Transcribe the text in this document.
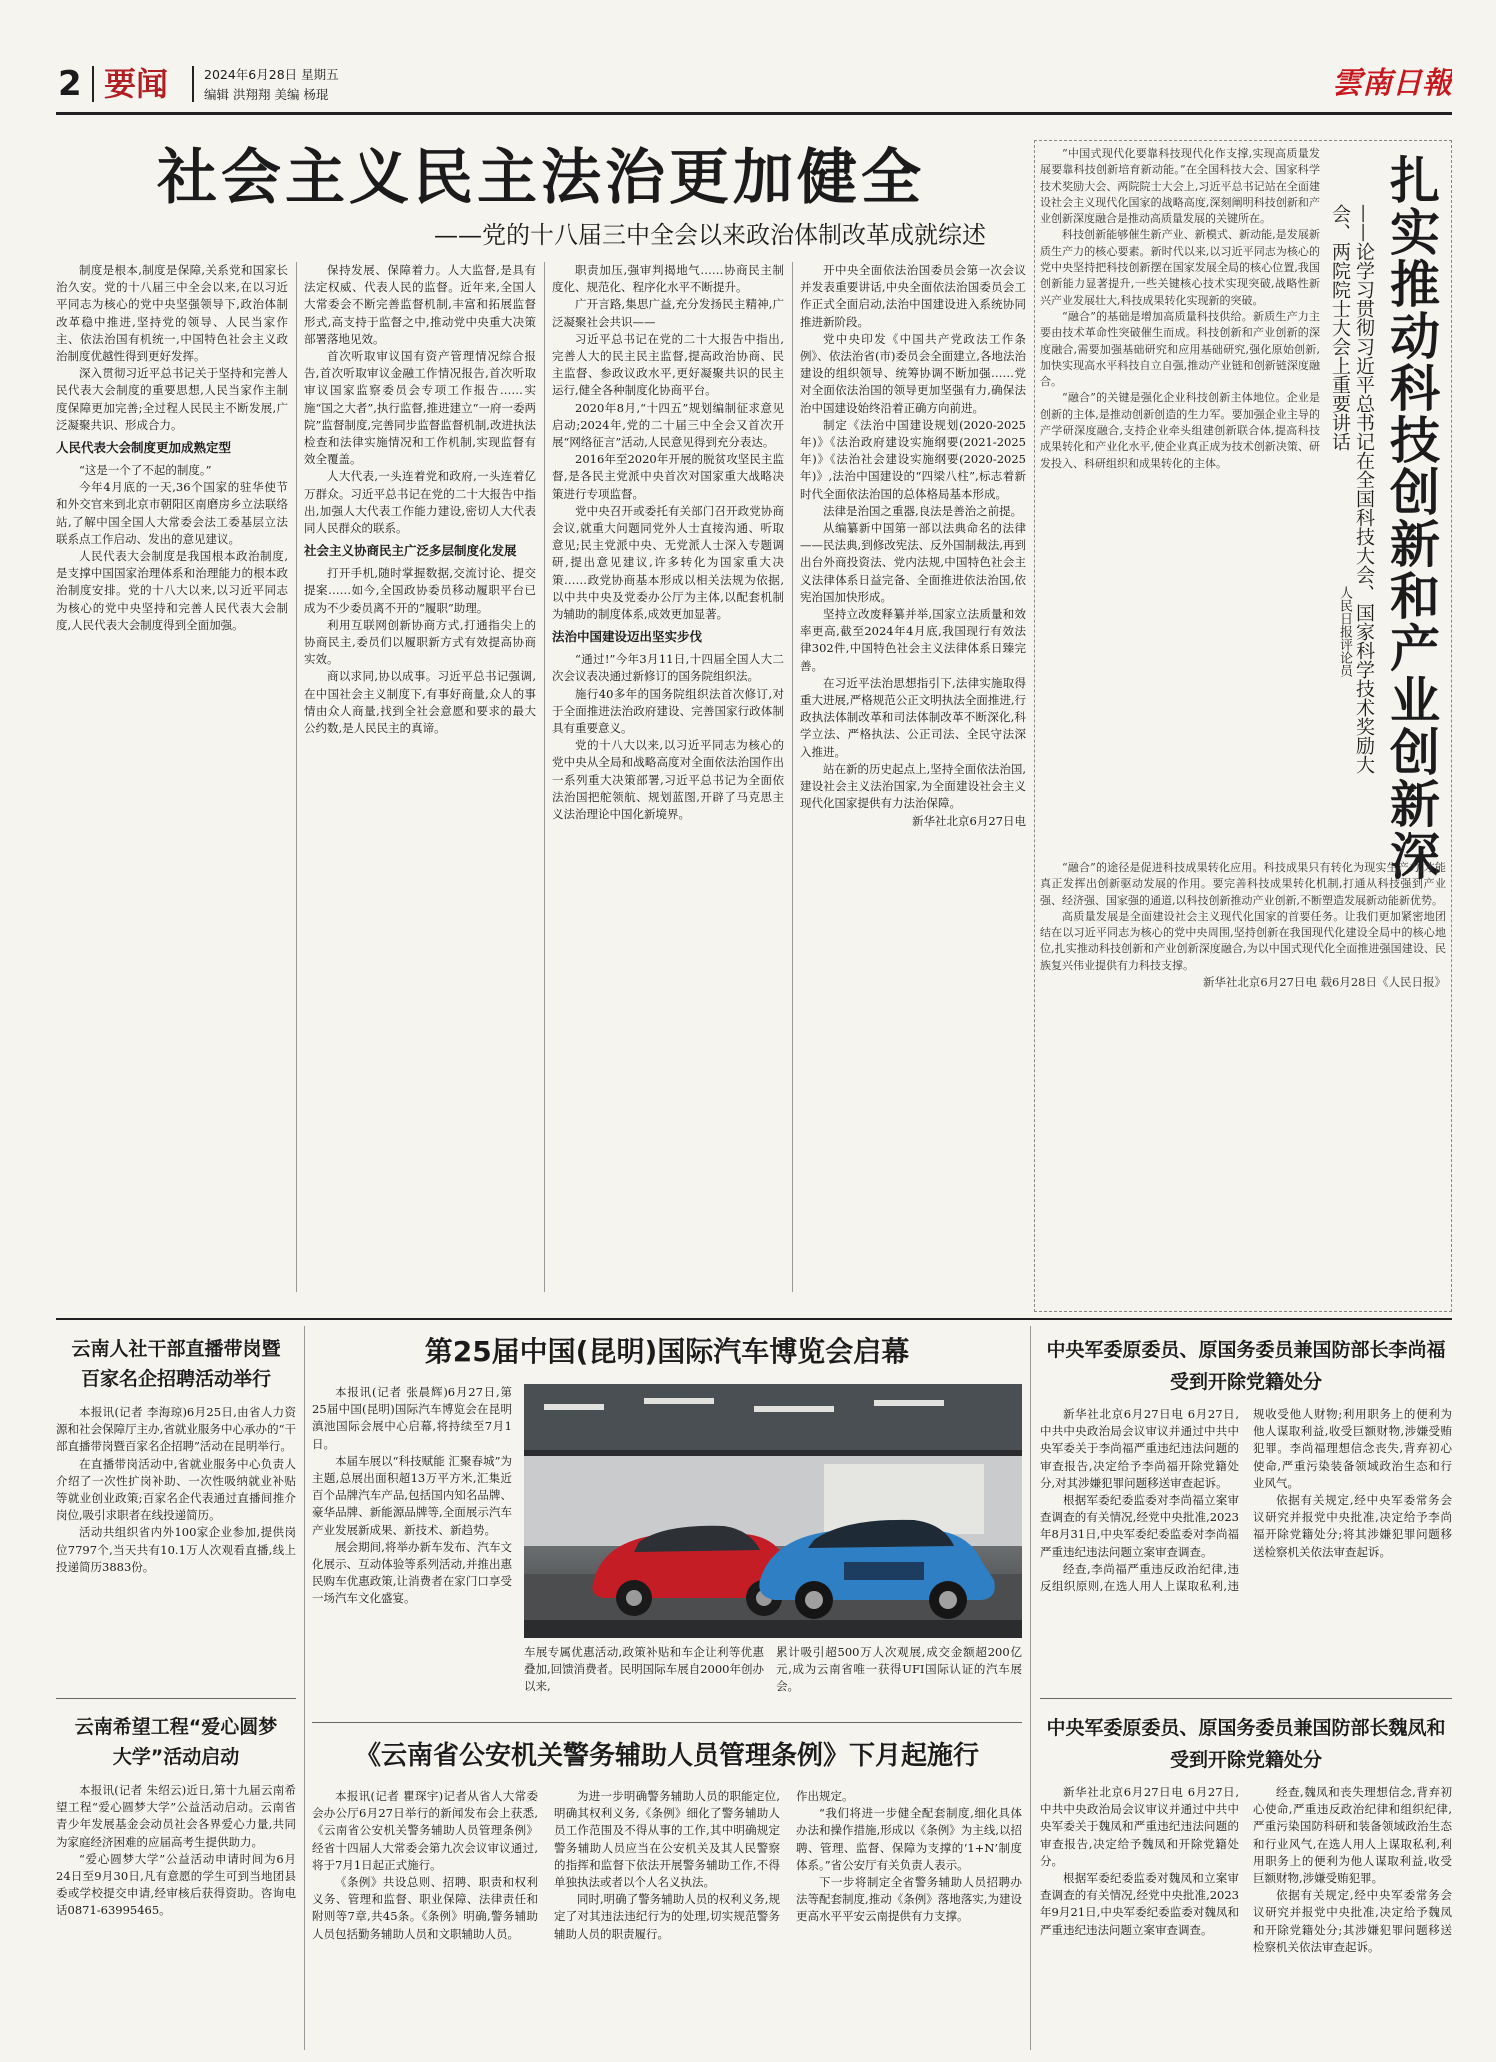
2 要闻	2024年6月28日 星期五
编辑 洪翔翔 美编 杨琨	雲南日報
社会主义民主法治更加健全
——党的十八届三中全会以来政治体制改革成就综述

制度是根本,制度是保障,关系党和国家长治久安。党的十八届三中全会以来,在以习近平同志为核心的党中央坚强领导下,政治体制改革稳中推进,坚持党的领导、人民当家作主、依法治国有机统一,中国特色社会主义政治制度优越性得到更好发挥。

深入贯彻习近平总书记关于坚持和完善人民代表大会制度的重要思想,人民当家作主制度保障更加完善;全过程人民民主不断发展,广泛凝聚共识、形成合力。

人民代表大会制度更加成熟定型

“这是一个了不起的制度。”

今年4月底的一天,36个国家的驻华使节和外交官来到北京市朝阳区南磨房乡立法联络站,了解中国全国人大常委会法工委基层立法联系点工作启动、发出的意见建议。

人民代表大会制度是我国根本政治制度,是支撑中国国家治理体系和治理能力的根本政治制度安排。党的十八大以来,以习近平同志为核心的党中央坚持和完善人民代表大会制度,人民代表大会制度得到全面加强。

保持发展、保障着力。人大监督,是具有法定权威、代表人民的监督。近年来,全国人大常委会不断完善监督机制,丰富和拓展监督形式,高支持于监督之中,推动党中央重大决策部署落地见效。

首次听取审议国有资产管理情况综合报告,首次听取审议金融工作情况报告,首次听取审议国家监察委员会专项工作报告……实施“国之大者”,执行监督,推进建立“一府一委两院”监督制度,完善同步监督监督机制,改进执法检查和法律实施情况和工作机制,实现监督有效全覆盖。

人大代表,一头连着党和政府,一头连着亿万群众。习近平总书记在党的二十大报告中指出,加强人大代表工作能力建设,密切人大代表同人民群众的联系。

社会主义协商民主广泛多层制度化发展

打开手机,随时掌握数据,交流讨论、提交提案……如今,全国政协委员移动履职平台已成为不少委员离不开的“履职”助理。

利用互联网创新协商方式,打通指尖上的协商民主,委员们以履职新方式有效提高协商实效。

商以求同,协以成事。习近平总书记强调,在中国社会主义制度下,有事好商量,众人的事情由众人商量,找到全社会意愿和要求的最大公约数,是人民民主的真谛。

职责加压,强审判揭地气……协商民主制度化、规范化、程序化水平不断提升。

广开言路,集思广益,充分发扬民主精神,广泛凝聚社会共识——

习近平总书记在党的二十大报告中指出,完善人大的民主民主监督,提高政治协商、民主监督、参政议政水平,更好凝聚共识的民主运行,健全各种制度化协商平台。

2020年8月,“十四五”规划编制征求意见启动;2024年,党的二十届三中全会又首次开展“网络征言”活动,人民意见得到充分表达。

2016年至2020年开展的脱贫攻坚民主监督,是各民主党派中央首次对国家重大战略决策进行专项监督。

党中央召开或委托有关部门召开政党协商会议,就重大问题同党外人士直接沟通、听取意见;民主党派中央、无党派人士深入专题调研,提出意见建议,许多转化为国家重大决策……政党协商基本形成以相关法规为依据,以中共中央及党委办公厅为主体,以配套机制为辅助的制度体系,成效更加显著。

法治中国建设迈出坚实步伐

“通过!”今年3月11日,十四届全国人大二次会议表决通过新修订的国务院组织法。

施行40多年的国务院组织法首次修订,对于全面推进法治政府建设、完善国家行政体制具有重要意义。

党的十八大以来,以习近平同志为核心的党中央从全局和战略高度对全面依法治国作出一系列重大决策部署,习近平总书记为全面依法治国把舵领航、规划蓝图,开辟了马克思主义法治理论中国化新境界。

开中央全面依法治国委员会第一次会议并发表重要讲话,中央全面依法治国委员会工作正式全面启动,法治中国建设进入系统协同推进新阶段。

党中央印发《中国共产党政法工作条例》、依法治省(市)委员会全面建立,各地法治建设的组织领导、统筹协调不断加强……党对全面依法治国的领导更加坚强有力,确保法治中国建设始终沿着正确方向前进。

制定《法治中国建设规划(2020-2025年)》《法治政府建设实施纲要(2021-2025年)》《法治社会建设实施纲要(2020-2025年)》,法治中国建设的“四梁八柱”,标志着新时代全面依法治国的总体格局基本形成。

法律是治国之重器,良法是善治之前提。

从编纂新中国第一部以法典命名的法律——民法典,到修改宪法、反外国制裁法,再到出台外商投资法、党内法规,中国特色社会主义法律体系日益完备、全面推进依法治国,依宪治国加快形成。

坚持立改废释纂并举,国家立法质量和效率更高,截至2024年4月底,我国现行有效法律302件,中国特色社会主义法律体系日臻完善。

在习近平法治思想指引下,法律实施取得重大进展,严格规范公正文明执法全面推进,行政执法体制改革和司法体制改革不断深化,科学立法、严格执法、公正司法、全民守法深入推进。

站在新的历史起点上,坚持全面依法治国,建设社会主义法治国家,为全面建设社会主义现代化国家提供有力法治保障。

新华社北京6月27日电
扎实推动科技创新和产业创新深
——论学习贯彻习近平总书记在全国科技大会、国家科学技术奖励大会、两院院士大会上重要讲话
人民日报评论员

“中国式现代化要靠科技现代化作支撑,实现高质量发展要靠科技创新培育新动能。”在全国科技大会、国家科学技术奖励大会、两院院士大会上,习近平总书记站在全面建设社会主义现代化国家的战略高度,深刻阐明科技创新和产业创新深度融合是推动高质量发展的关键所在。

科技创新能够催生新产业、新模式、新动能,是发展新质生产力的核心要素。新时代以来,以习近平同志为核心的党中央坚持把科技创新摆在国家发展全局的核心位置,我国创新能力显著提升,一些关键核心技术实现突破,战略性新兴产业发展壮大,科技成果转化实现新的突破。

“融合”的基础是增加高质量科技供给。新质生产力主要由技术革命性突破催生而成。科技创新和产业创新的深度融合,需要加强基础研究和应用基础研究,强化原始创新,加快实现高水平科技自立自强,推动产业链和创新链深度融合。

“融合”的关键是强化企业科技创新主体地位。企业是创新的主体,是推动创新创造的生力军。要加强企业主导的产学研深度融合,支持企业牵头组建创新联合体,提高科技成果转化和产业化水平,使企业真正成为技术创新决策、研发投入、科研组织和成果转化的主体。

“融合”的途径是促进科技成果转化应用。科技成果只有转化为现实生产力,才能真正发挥出创新驱动发展的作用。要完善科技成果转化机制,打通从科技强到产业强、经济强、国家强的通道,以科技创新推动产业创新,不断塑造发展新动能新优势。

高质量发展是全面建设社会主义现代化国家的首要任务。让我们更加紧密地团结在以习近平同志为核心的党中央周围,坚持创新在我国现代化建设全局中的核心地位,扎实推动科技创新和产业创新深度融合,为以中国式现代化全面推进强国建设、民族复兴伟业提供有力科技支撑。

新华社北京6月27日电 载6月28日《人民日报》
云南人社干部直播带岗暨百家名企招聘活动举行

本报讯(记者 李海琼)6月25日,由省人力资源和社会保障厅主办,省就业服务中心承办的“干部直播带岗暨百家名企招聘”活动在昆明举行。

在直播带岗活动中,省就业服务中心负责人介绍了一次性扩岗补助、一次性吸纳就业补贴等就业创业政策;百家名企代表通过直播间推介岗位,吸引求职者在线投递简历。

活动共组织省内外100家企业参加,提供岗位7797个,当天共有10.1万人次观看直播,线上投递简历3883份。

云南希望工程“爱心圆梦大学”活动启动

本报讯(记者 朱绍云)近日,第十九届云南希望工程“爱心圆梦大学”公益活动启动。云南省青少年发展基金会动员社会各界爱心力量,共同为家庭经济困难的应届高考生提供助力。

“爱心圆梦大学”公益活动申请时间为6月24日至9月30日,凡有意愿的学生可到当地团县委或学校提交申请,经审核后获得资助。咨询电话0871-63995465。

第25届中国(昆明)国际汽车博览会启幕

本报讯(记者 张晨辉)6月27日,第25届中国(昆明)国际汽车博览会在昆明滇池国际会展中心启幕,将持续至7月1日。

本届车展以“科技赋能 汇聚春城”为主题,总展出面积超13万平方米,汇集近百个品牌汽车产品,包括国内知名品牌、豪华品牌、新能源品牌等,全面展示汽车产业发展新成果、新技术、新趋势。

展会期间,将举办新车发布、汽车文化展示、互动体验等系列活动,并推出惠民购车优惠政策,让消费者在家门口享受一场汽车文化盛宴。

车展专属优惠活动,政策补贴和车企让利等优惠叠加,回馈消费者。民明国际车展自2000年创办以来,
累计吸引超500万人次观展,成交金额超200亿元,成为云南省唯一获得UFI国际认证的汽车展会。
《云南省公安机关警务辅助人员管理条例》下月起施行

本报讯(记者 瞿琛宇)记者从省人大常委会办公厅6月27日举行的新闻发布会上获悉,《云南省公安机关警务辅助人员管理条例》经省十四届人大常委会第九次会议审议通过,将于7月1日起正式施行。

《条例》共设总则、招聘、职责和权利义务、管理和监督、职业保障、法律责任和附则等7章,共45条。《条例》明确,警务辅助人员包括勤务辅助人员和文职辅助人员。

为进一步明确警务辅助人员的职能定位,明确其权利义务,《条例》细化了警务辅助人员工作范围及不得从事的工作,其中明确规定警务辅助人员应当在公安机关及其人民警察的指挥和监督下依法开展警务辅助工作,不得单独执法或者以个人名义执法。

同时,明确了警务辅助人员的权利义务,规定了对其违法违纪行为的处理,切实规范警务辅助人员的职责履行。

作出规定。

“我们将进一步健全配套制度,细化具体办法和操作措施,形成以《条例》为主线,以招聘、管理、监督、保障为支撑的‘1+N’制度体系。”省公安厅有关负责人表示。

下一步将制定全省警务辅助人员招聘办法等配套制度,推动《条例》落地落实,为建设更高水平平安云南提供有力支撑。

中央军委原委员、原国务委员兼国防部长李尚福受到开除党籍处分

新华社北京6月27日电 6月27日,中共中央政治局会议审议并通过中共中央军委关于李尚福严重违纪违法问题的审查报告,决定给予李尚福开除党籍处分,对其涉嫌犯罪问题移送审查起诉。

根据军委纪委监委对李尚福立案审查调查的有关情况,经党中央批准,2023年8月31日,中央军委纪委监委对李尚福严重违纪违法问题立案审查调查。

经查,李尚福严重违反政治纪律,违反组织原则,在选人用人上谋取私利,违规收受他人财物;利用职务上的便利为他人谋取利益,收受巨额财物,涉嫌受贿犯罪。李尚福理想信念丧失,背弃初心使命,严重污染装备领域政治生态和行业风气。

依据有关规定,经中央军委常务会议研究并报党中央批准,决定给予李尚福开除党籍处分;将其涉嫌犯罪问题移送检察机关依法审查起诉。

中央军委原委员、原国务委员兼国防部长魏凤和受到开除党籍处分

新华社北京6月27日电 6月27日,中共中央政治局会议审议并通过中共中央军委关于魏凤和严重违纪违法问题的审查报告,决定给予魏凤和开除党籍处分。

根据军委纪委监委对魏凤和立案审查调查的有关情况,经党中央批准,2023年9月21日,中央军委纪委监委对魏凤和严重违纪违法问题立案审查调查。

经查,魏凤和丧失理想信念,背弃初心使命,严重违反政治纪律和组织纪律,严重污染国防科研和装备领域政治生态和行业风气,在选人用人上谋取私利,利用职务上的便利为他人谋取利益,收受巨额财物,涉嫌受贿犯罪。

依据有关规定,经中央军委常务会议研究并报党中央批准,决定给予魏凤和开除党籍处分;其涉嫌犯罪问题移送检察机关依法审查起诉。
